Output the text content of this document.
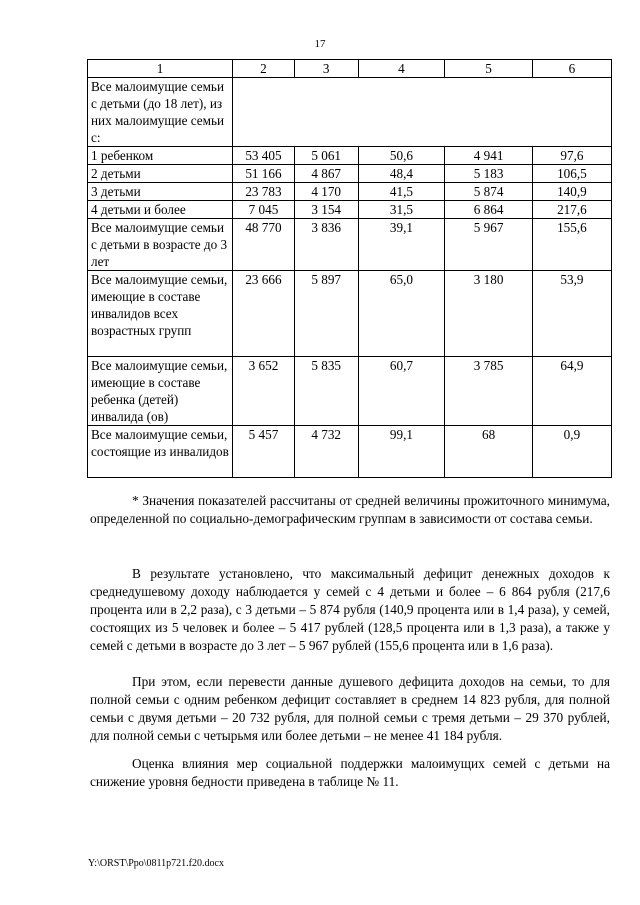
17
1	2	3	4	5	6
Все малоимущие семьи с детьми (до 18 лет), из них малоимущие семьи с:					
1 ребенком	53 405	5 061	50,6	4 941	97,6
2 детьми	51 166	4 867	48,4	5 183	106,5
3 детьми	23 783	4 170	41,5	5 874	140,9
4 детьми и более	7 045	3 154	31,5	6 864	217,6
Все малоимущие семьи с детьми в возрасте до 3 лет	48 770	3 836	39,1	5 967	155,6
Все малоимущие семьи, имеющие в составе инвалидов всех возрастных групп	23 666	5 897	65,0	3 180	53,9
Все малоимущие семьи, имеющие в составе ребенка (детей) инвалида (ов)	3 652	5 835	60,7	3 785	64,9
Все малоимущие семьи, состоящие из инвалидов	5 457	4 732	99,1	68	0,9

* Значения показателей рассчитаны от средней величины прожиточного минимума, определенной по социально-демографическим группам в зависимости от состава семьи.

В результате установлено, что максимальный дефицит денежных доходов к среднедушевому доходу наблюдается у семей с 4 детьми и более – 6 864 рубля (217,6 процента или в 2,2 раза), с 3 детьми – 5 874 рубля (140,9 процента или в 1,4 раза), у семей, состоящих из 5 человек и более – 5 417 рублей (128,5 процента или в 1,3 раза), а также у семей с детьми в возрасте до 3 лет – 5 967 рублей (155,6 процента или в 1,6 раза).

При этом, если перевести данные душевого дефицита доходов на семьи, то для полной семьи с одним ребенком дефицит составляет в среднем 14 823 рубля, для полной семьи с двумя детьми – 20 732 рубля, для полной семьи с тремя детьми – 29 370 рублей, для полной семьи с четырьмя или более детьми – не менее 41 184 рубля.

Оценка влияния мер социальной поддержки малоимущих семей с детьми на снижение уровня бедности приведена в таблице № 11.

Y:\ORST\Ppo\0811p721.f20.docx
